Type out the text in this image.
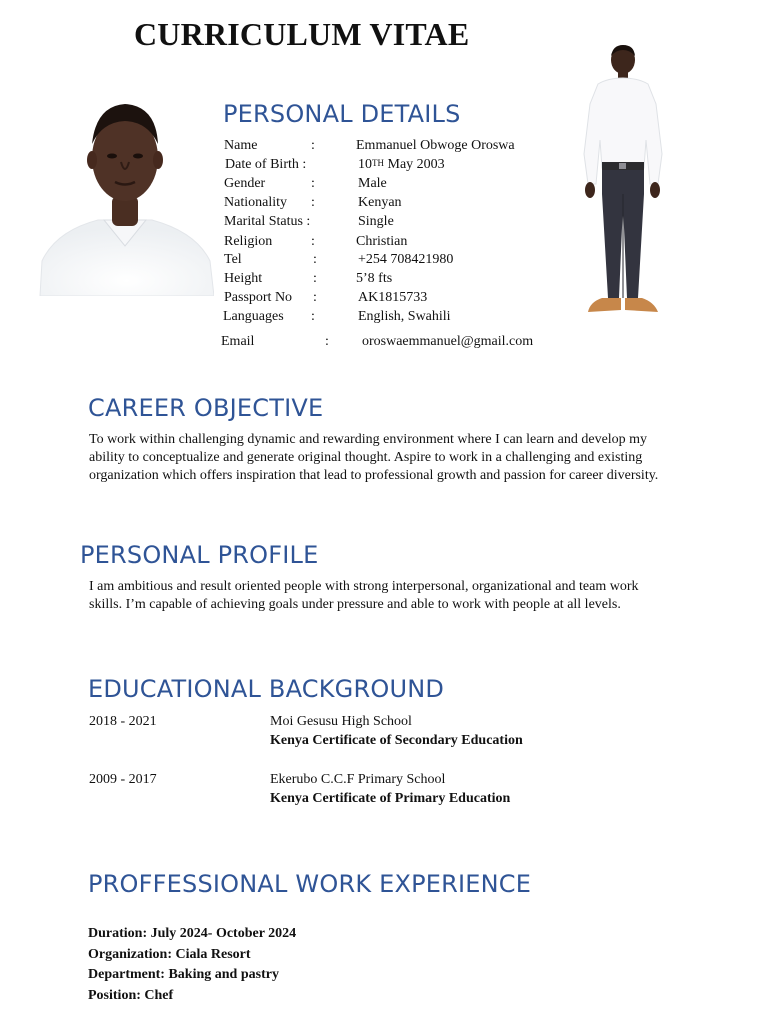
CURRICULUM VITAE
PERSONAL DETAILS
Name	:	Emmanuel Obwoge Oroswa
Date of Birth :	10TH May 2003
Gender	:	Male
Nationality :	Kenyan
Marital Status :	Single
Religion	:	Christian
Tel	:	+254 708421980
Height	:	5’8 fts
Passport No :	AK1815733
Languages :	English, Swahili
Email	: oroswaemmanuel@gmail.com
CAREER OBJECTIVE
To work within challenging dynamic and rewarding environment where I can learn and develop my ability to conceptualize and generate original thought. Aspire to work in a challenging and existing organization which offers inspiration that lead to professional growth and passion for career diversity.
PERSONAL PROFILE
I am ambitious and result oriented people with strong interpersonal, organizational and team work skills. I’m capable of achieving goals under pressure and able to work with people at all levels.
EDUCATIONAL BACKGROUND
2018 - 2021	Moi Gesusu High School
Kenya Certificate of Secondary Education
2009 - 2017	Ekerubo C.C.F Primary School
Kenya Certificate of Primary Education
PROFFESSIONAL WORK EXPERIENCE
Duration: July 2024- October 2024
Organization: Ciala Resort
Department: Baking and pastry
Position: Chef
